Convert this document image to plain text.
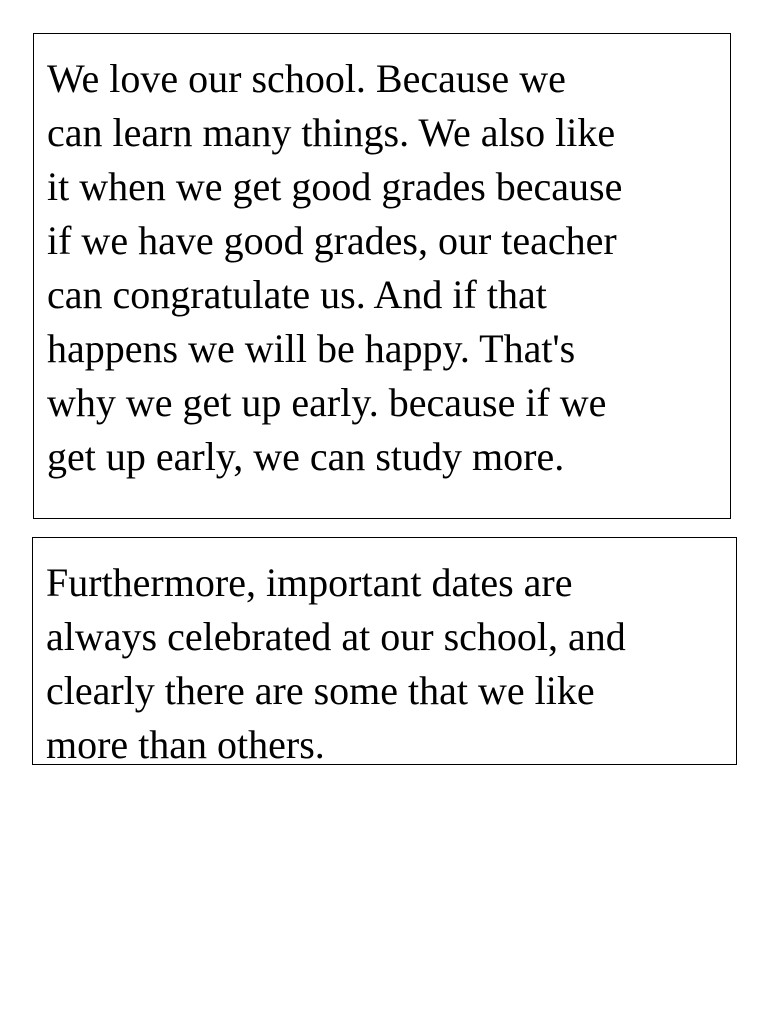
We love our school. Because we
can learn many things. We also like
it when we get good grades because
if we have good grades, our teacher
can congratulate us. And if that
happens we will be happy. That's
why we get up early. because if we
get up early, we can study more.
Furthermore, important dates are
always celebrated at our school, and
clearly there are some that we like
more than others.
